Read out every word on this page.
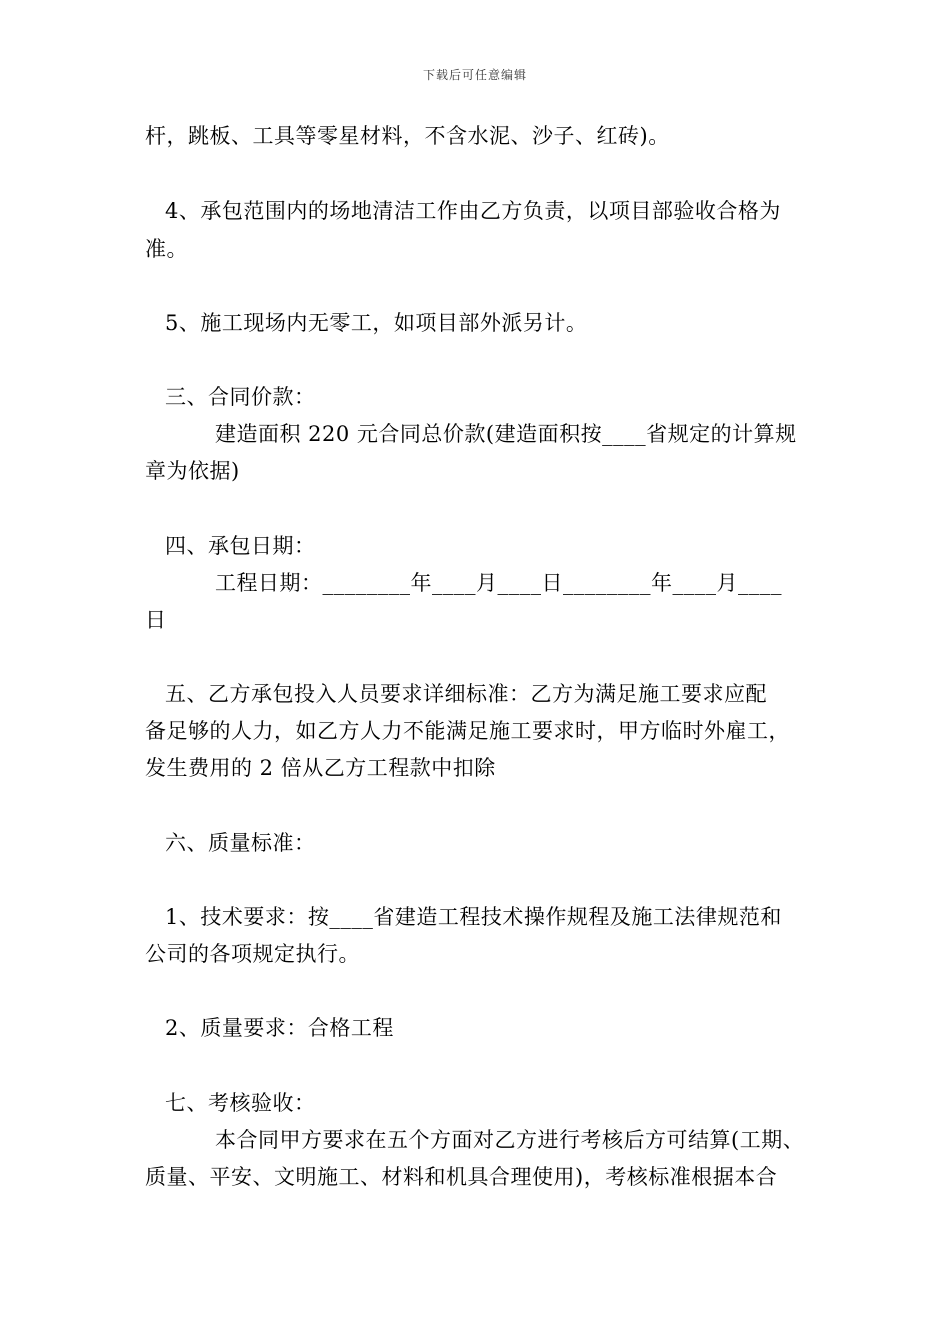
下载后可任意编辑
杆，跳板、工具等零星材料，不含水泥、沙子、红砖)。
4、承包范围内的场地清洁工作由乙方负责，以项目部验收合格为
准。
5、施工现场内无零工，如项目部外派另计。
三、合同价款：
建造面积 220 元合同总价款(建造面积按____省规定的计算规
章为依据)
四、承包日期：
工程日期：________年____月____日________年____月____
日
五、乙方承包投入人员要求详细标准：乙方为满足施工要求应配
备足够的人力，如乙方人力不能满足施工要求时，甲方临时外雇工，
发生费用的 2 倍从乙方工程款中扣除
六、质量标准：
1、技术要求：按____省建造工程技术操作规程及施工法律规范和
公司的各项规定执行。
2、质量要求：合格工程
七、考核验收：
本合同甲方要求在五个方面对乙方进行考核后方可结算(工期、
质量、平安、文明施工、材料和机具合理使用)，考核标准根据本合
